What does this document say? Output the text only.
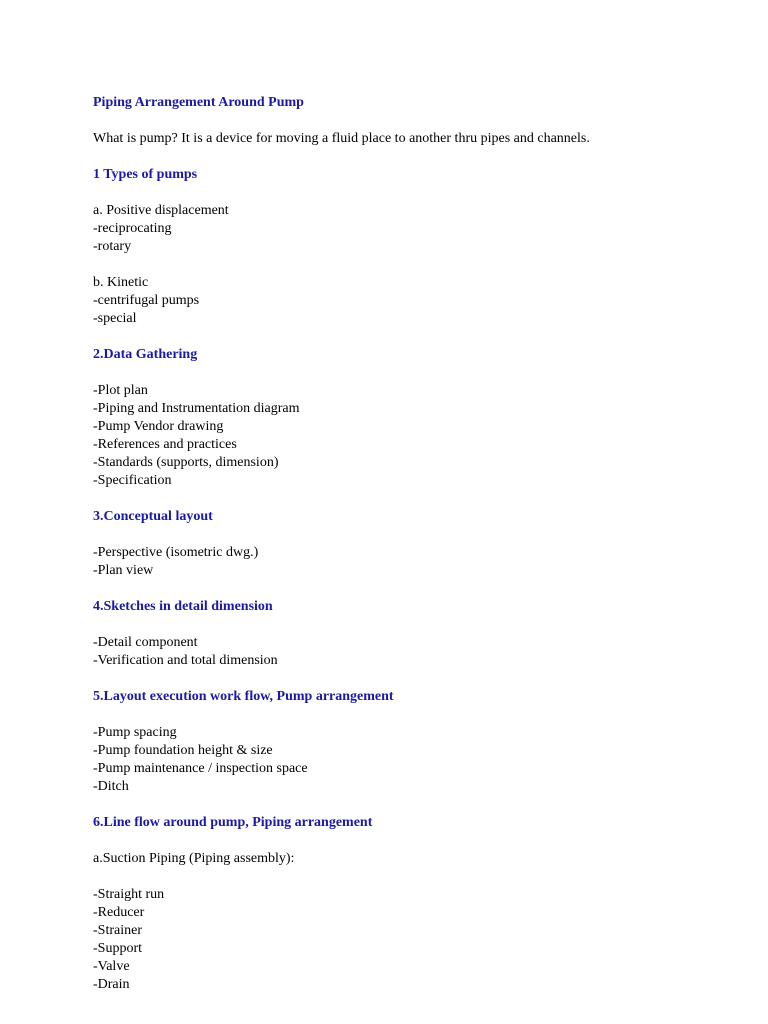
Piping Arrangement Around Pump
What is pump? It is a device for moving a fluid place to another thru pipes and channels.
1 Types of pumps
a. Positive displacement
-reciprocating
-rotary
b. Kinetic
-centrifugal pumps
-special
2.Data Gathering
-Plot plan
-Piping and Instrumentation diagram
-Pump Vendor drawing
-References and practices
-Standards (supports, dimension)
-Specification
3.Conceptual layout
-Perspective (isometric dwg.)
-Plan view
4.Sketches in detail dimension
-Detail component
-Verification and total dimension
5.Layout execution work flow, Pump arrangement
-Pump spacing
-Pump foundation height & size
-Pump maintenance / inspection space
-Ditch
6.Line flow around pump, Piping arrangement
a.Suction Piping (Piping assembly):
-Straight run
-Reducer
-Strainer
-Support
-Valve
-Drain
